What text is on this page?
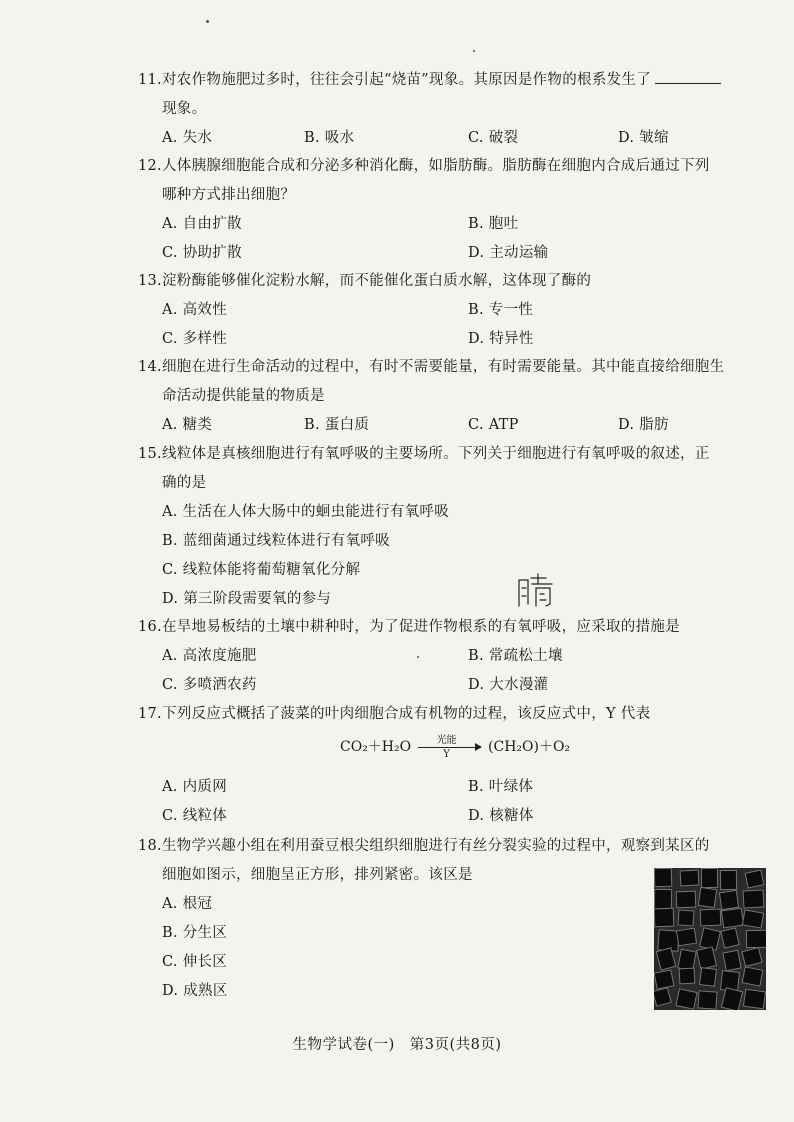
11.对农作物施肥过多时，往往会引起“烧苗”现象。其原因是作物的根系发生了
现象。
A. 失水	B. 吸水	C. 破裂	D. 皱缩
12.人体胰腺细胞能合成和分泌多种消化酶，如脂肪酶。脂肪酶在细胞内合成后通过下列
哪种方式排出细胞？
A. 自由扩散	B. 胞吐
C. 协助扩散	D. 主动运输
13.淀粉酶能够催化淀粉水解，而不能催化蛋白质水解，这体现了酶的
A. 高效性	B. 专一性
C. 多样性	D. 特异性
14.细胞在进行生命活动的过程中，有时不需要能量，有时需要能量。其中能直接给细胞生
命活动提供能量的物质是
A. 糖类	B. 蛋白质	C. ATP	D. 脂肪
15.线粒体是真核细胞进行有氧呼吸的主要场所。下列关于细胞进行有氧呼吸的叙述，正
确的是
A. 生活在人体大肠中的蛔虫能进行有氧呼吸
B. 蓝细菌通过线粒体进行有氧呼吸
C. 线粒体能将葡萄糖氧化分解
D. 第三阶段需要氧的参与
16.在旱地易板结的土壤中耕种时，为了促进作物根系的有氧呼吸，应采取的措施是
A. 高浓度施肥	B. 常疏松土壤
C. 多喷洒农药	D. 大水漫灌
17.下列反应式概括了菠菜的叶肉细胞合成有机物的过程，该反应式中，Y 代表
CO₂＋H₂O	光能
Y	(CH₂O)＋O₂
A. 内质网	B. 叶绿体
C. 线粒体	D. 核糖体
18.生物学兴趣小组在利用蚕豆根尖组织细胞进行有丝分裂实验的过程中，观察到某区的
细胞如图示，细胞呈正方形，排列紧密。该区是
A. 根冠
B. 分生区
C. 伸长区
D. 成熟区
生物学试卷(一)　第3页(共8页)
